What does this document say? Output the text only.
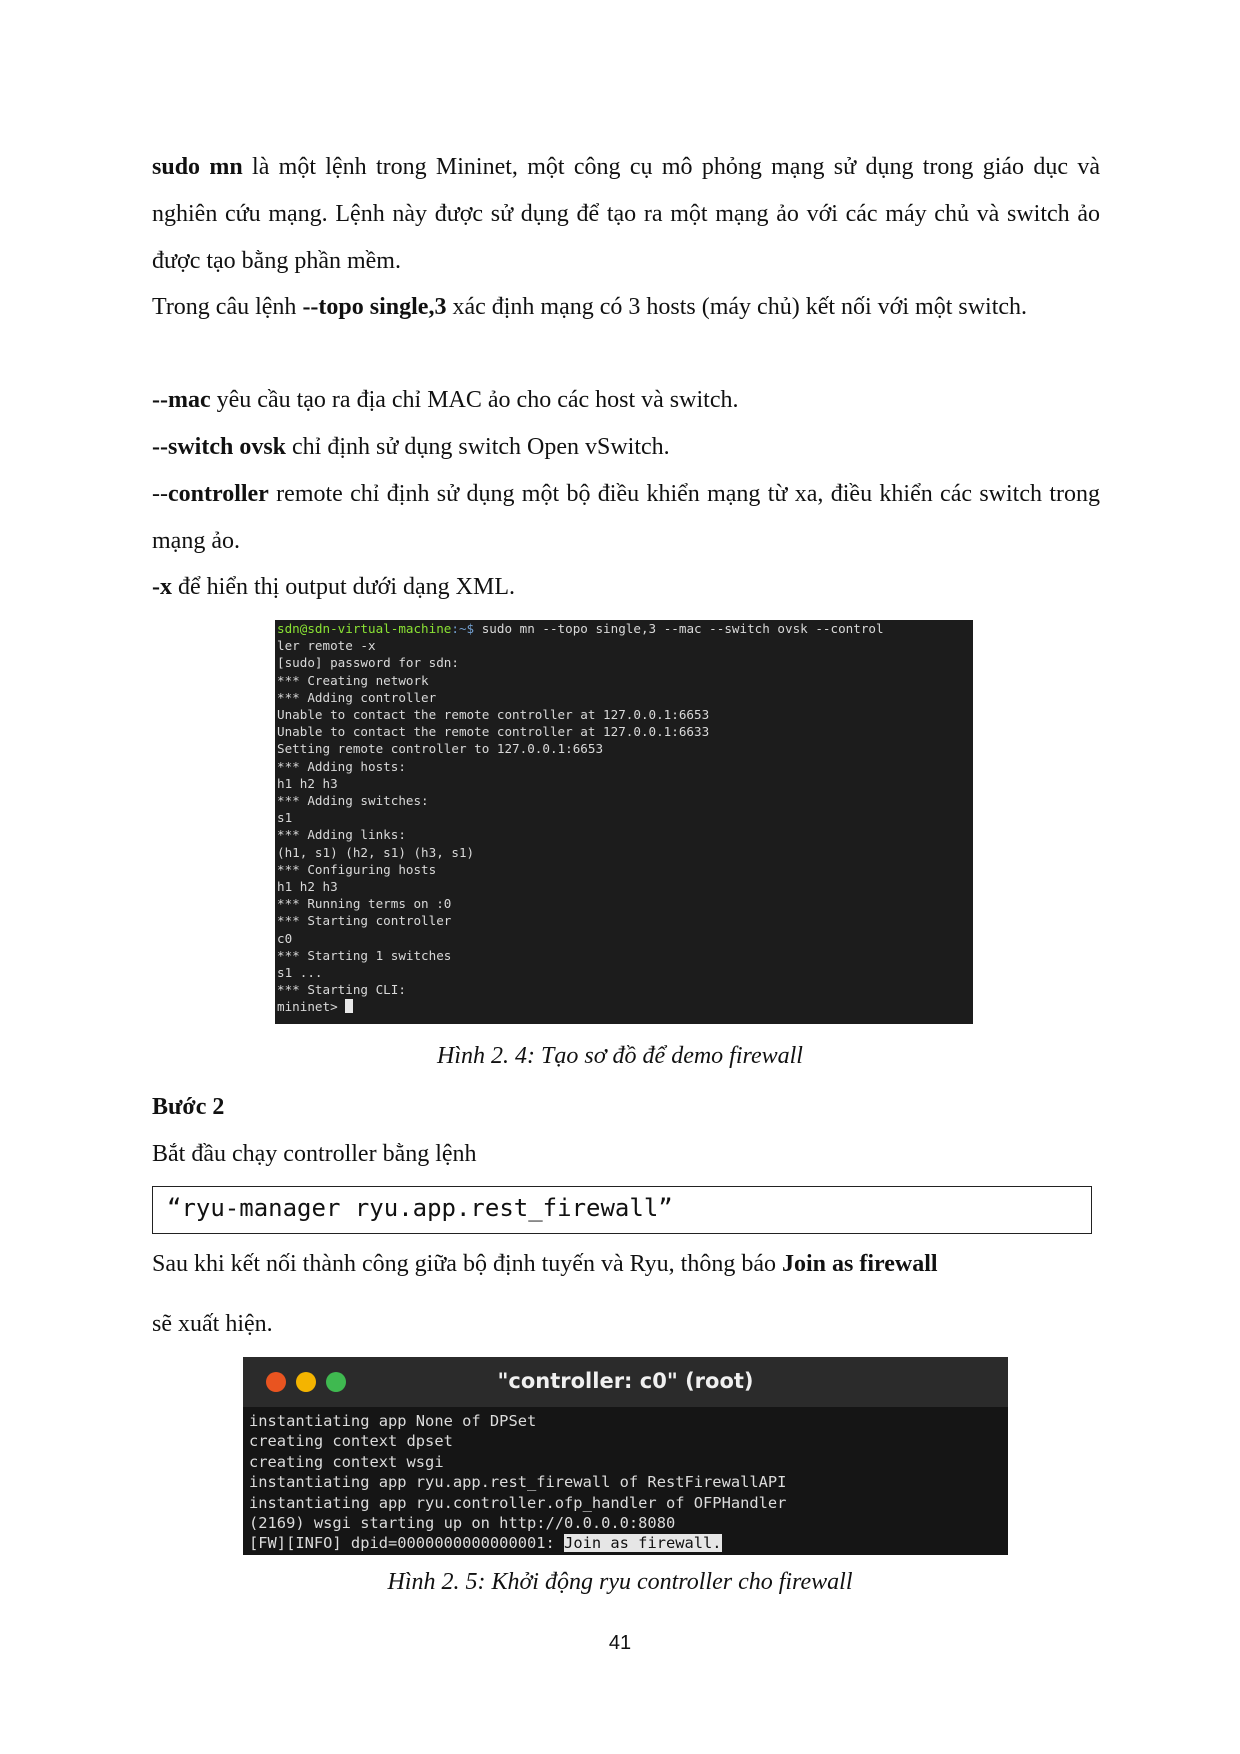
sudo mn là một lệnh trong Mininet, một công cụ mô phỏng mạng sử dụng trong giáo dục và nghiên cứu mạng. Lệnh này được sử dụng để tạo ra một mạng ảo với các máy chủ và switch ảo được tạo bằng phần mềm.

Trong câu lệnh --topo single,3 xác định mạng có 3 hosts (máy chủ) kết nối với một switch.

--mac yêu cầu tạo ra địa chỉ MAC ảo cho các host và switch.

--switch ovsk chỉ định sử dụng switch Open vSwitch.

--controller remote chỉ định sử dụng một bộ điều khiển mạng từ xa, điều khiển các switch trong mạng ảo.

-x để hiển thị output dưới dạng XML.

sdn@sdn-virtual-machine:~$ sudo mn --topo single,3 --mac --switch ovsk --control
ler remote -x
[sudo] password for sdn:
*** Creating network
*** Adding controller
Unable to contact the remote controller at 127.0.0.1:6653
Unable to contact the remote controller at 127.0.0.1:6633
Setting remote controller to 127.0.0.1:6653
*** Adding hosts:
h1 h2 h3
*** Adding switches:
s1
*** Adding links:
(h1, s1) (h2, s1) (h3, s1)
*** Configuring hosts
h1 h2 h3
*** Running terms on :0
*** Starting controller
c0
*** Starting 1 switches
s1 ...
*** Starting CLI:
mininet>

Hình 2. 4: Tạo sơ đồ để demo firewall

Bước 2

Bắt đầu chạy controller bằng lệnh

“ryu-manager ryu.app.rest_firewall”

Sau khi kết nối thành công giữa bộ định tuyến và Ryu, thông báo Join as firewall

sẽ xuất hiện.

"controller: c0" (root)
instantiating app None of DPSet
creating context dpset
creating context wsgi
instantiating app ryu.app.rest_firewall of RestFirewallAPI
instantiating app ryu.controller.ofp_handler of OFPHandler
(2169) wsgi starting up on http://0.0.0.0:8080
[FW][INFO] dpid=0000000000000001: Join as firewall.

Hình 2. 5: Khởi động ryu controller cho firewall

41
